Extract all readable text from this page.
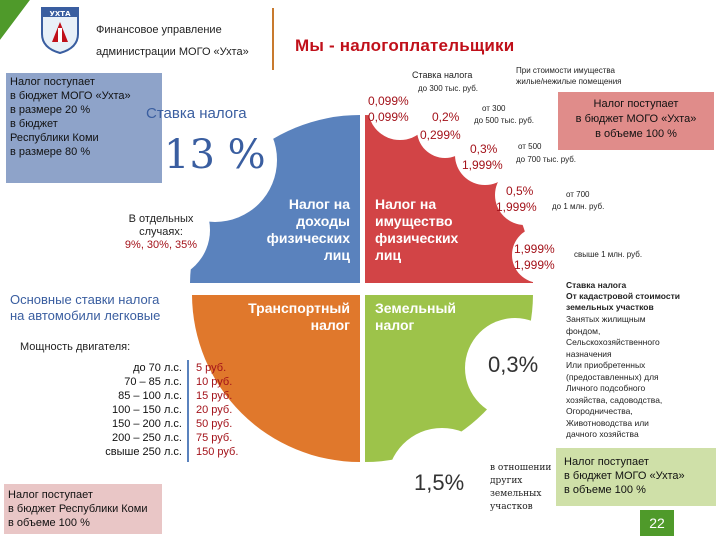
УХТА
Финансовое управление
администрации МОГО «Ухта»	Мы - налогоплательщики
Налог поступает
в бюджет МОГО «Ухта»
в размере 20 %
в бюджет
Республики Коми
в размере 80 %
Ставка налога
13 %
В отдельных
случаях:
9%, 30%, 35%
Налог на
доходы
физических
лиц
Налог на
имущество
физических
лиц
Ставка налога	При стоимости имущества
жилые/нежилые помещения
до 300 тыс. руб.
0,099%
0,099%
от 300
до 500 тыс. руб.
0,2%
0,299%
от 500
до 700 тыс. руб.
0,3%
1,999%
от 700
до 1 млн. руб.
0,5%
1,999%
свыше 1 млн. руб.
1,999%
1,999%
Налог поступает
в бюджет МОГО «Ухта»
в объеме 100 %
Основные ставки налога
на автомобили легковые
Мощность двигателя:
Транспортный
налог
до 70 л.с.
70 – 85 л.с.
85 – 100 л.с.
100 – 150 л.с.
150 – 200 л.с.
200 – 250 л.с.
свыше 250 л.с.
5 руб.
10 руб.
15 руб.
20 руб.
50 руб.
75 руб.
150 руб.
Налог поступает
в бюджет Республики Коми
в объеме 100 %
Земельный
налог
0,3%
1,5%
Ставка налога
От кадастровой стоимости
земельных участков
Занятых жилищным
фондом,
Сельскохозяйственного
назначения
Или приобретенных
(предоставленных) для
Личного подсобного
хозяйства, садоводства,
Огородничества,
Животноводства или
дачного хозяйства
в отношении
других
земельных
участков
Налог поступает
в бюджет МОГО «Ухта»
в объеме 100 %
22
